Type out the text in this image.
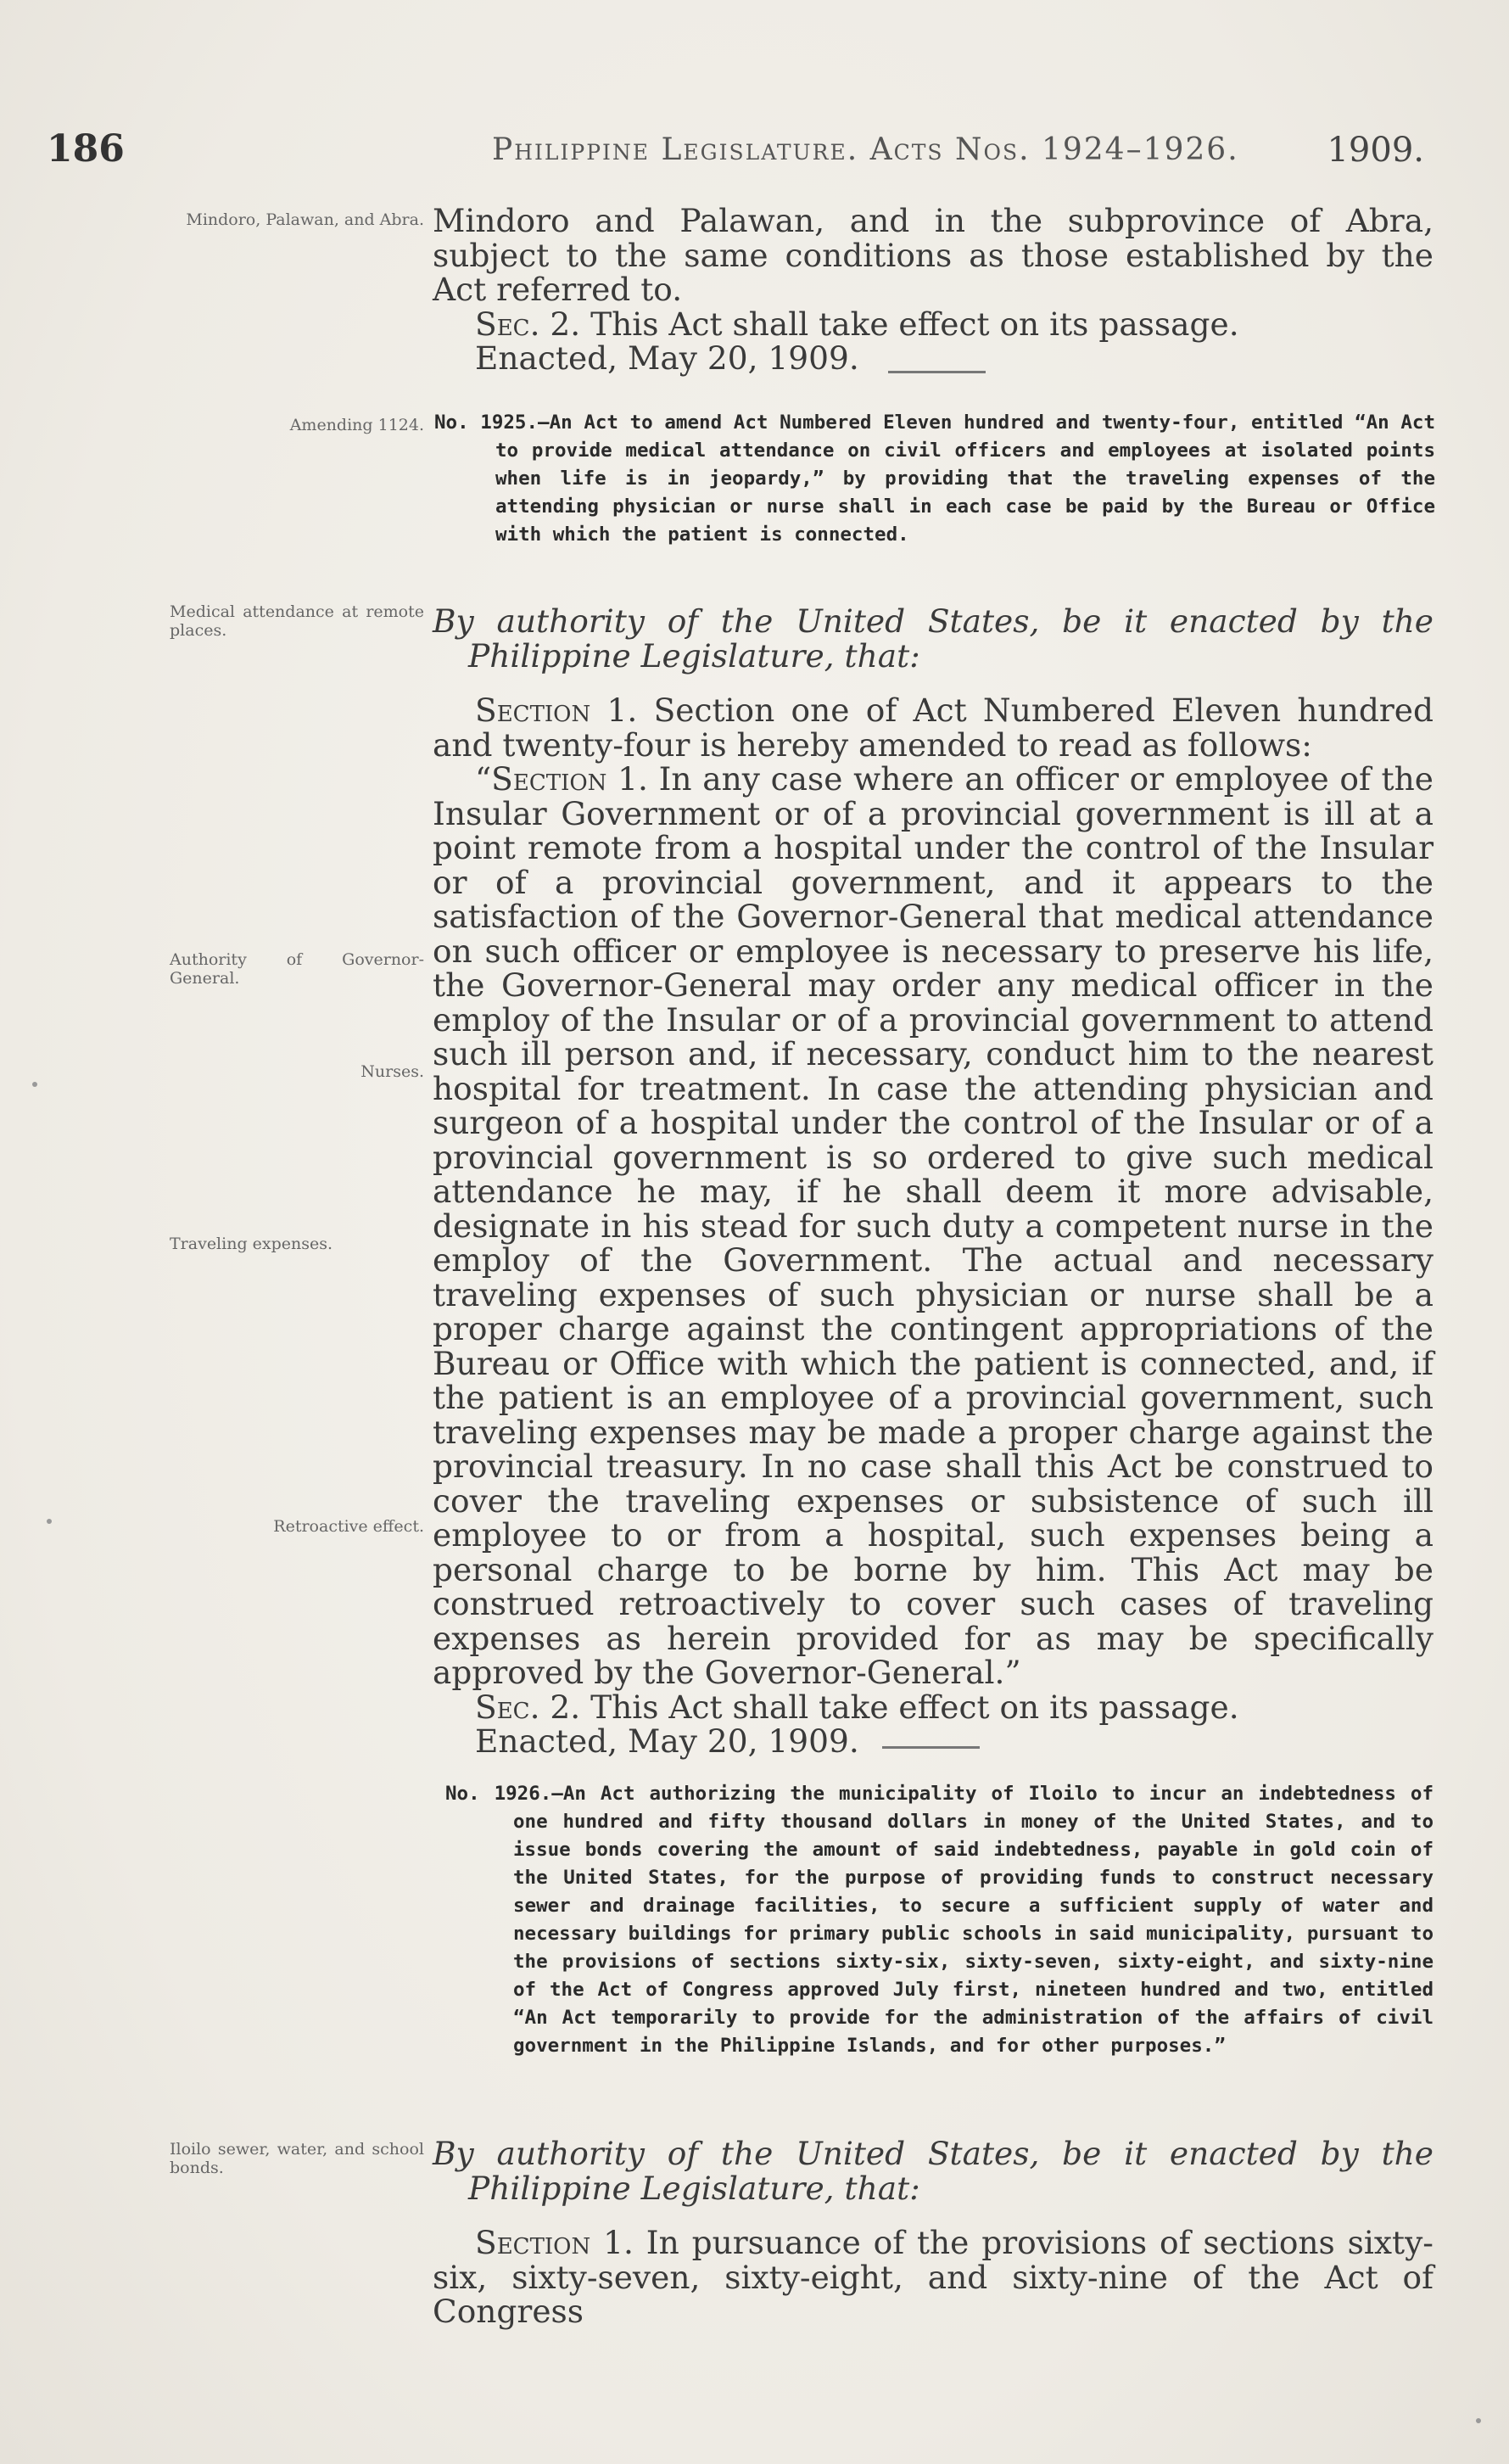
186	Philippine Legislature. Acts Nos. 1924–1926.	1909.
Mindoro, Palawan, and Abra.
Amending 1124.
Medical attendance at remote places.
Authority of Governor-General.
Nurses.
Traveling expenses.
Retroactive effect.
Iloilo sewer, water, and school bonds.

Mindoro and Palawan, and in the subprovince of Abra, subject to the same conditions as those established by the Act referred to.

Sec. 2. This Act shall take effect on its passage.

Enacted, May 20, 1909.

No. 1925.—An Act to amend Act Numbered Eleven hundred and twenty-four, entitled “An Act to provide medical attendance on civil officers and employees at isolated points when life is in jeopardy,” by providing that the traveling expenses of the attending physician or nurse shall in each case be paid by the Bureau or Office with which the patient is connected.

By authority of the United States, be it enacted by the Philippine Legislature, that:

Section 1. Section one of Act Numbered Eleven hundred and twenty-four is hereby amended to read as follows:

“Section 1. In any case where an officer or employee of the Insular Government or of a provincial government is ill at a point remote from a hospital under the control of the Insular or of a provincial government, and it appears to the satisfaction of the Governor-General that medical attendance on such officer or employee is necessary to preserve his life, the Governor-General may order any medical officer in the employ of the Insular or of a provincial government to attend such ill person and, if necessary, conduct him to the nearest hospital for treatment. In case the attending physician and surgeon of a hospital under the control of the Insular or of a provincial government is so ordered to give such medical attendance he may, if he shall deem it more advisable, designate in his stead for such duty a competent nurse in the employ of the Government. The actual and necessary traveling expenses of such physician or nurse shall be a proper charge against the contingent appropriations of the Bureau or Office with which the patient is connected, and, if the patient is an employee of a provincial government, such traveling expenses may be made a proper charge against the provincial treasury. In no case shall this Act be construed to cover the traveling expenses or subsistence of such ill employee to or from a hospital, such expenses being a personal charge to be borne by him. This Act may be construed retroactively to cover such cases of traveling expenses as herein provided for as may be specifically approved by the Governor-General.”

Sec. 2. This Act shall take effect on its passage.

Enacted, May 20, 1909.

No. 1926.—An Act authorizing the municipality of Iloilo to incur an indebtedness of one hundred and fifty thousand dollars in money of the United States, and to issue bonds covering the amount of said indebtedness, payable in gold coin of the United States, for the purpose of providing funds to construct necessary sewer and drainage facilities, to secure a sufficient supply of water and necessary buildings for primary public schools in said municipality, pursuant to the provisions of sections sixty-six, sixty-seven, sixty-eight, and sixty-nine of the Act of Congress approved July first, nineteen hundred and two, entitled “An Act temporarily to provide for the administration of the affairs of civil government in the Philippine Islands, and for other purposes.”

By authority of the United States, be it enacted by the Philippine Legislature, that:

Section 1. In pursuance of the provisions of sections sixty-six, sixty-seven, sixty-eight, and sixty-nine of the Act of Congress
